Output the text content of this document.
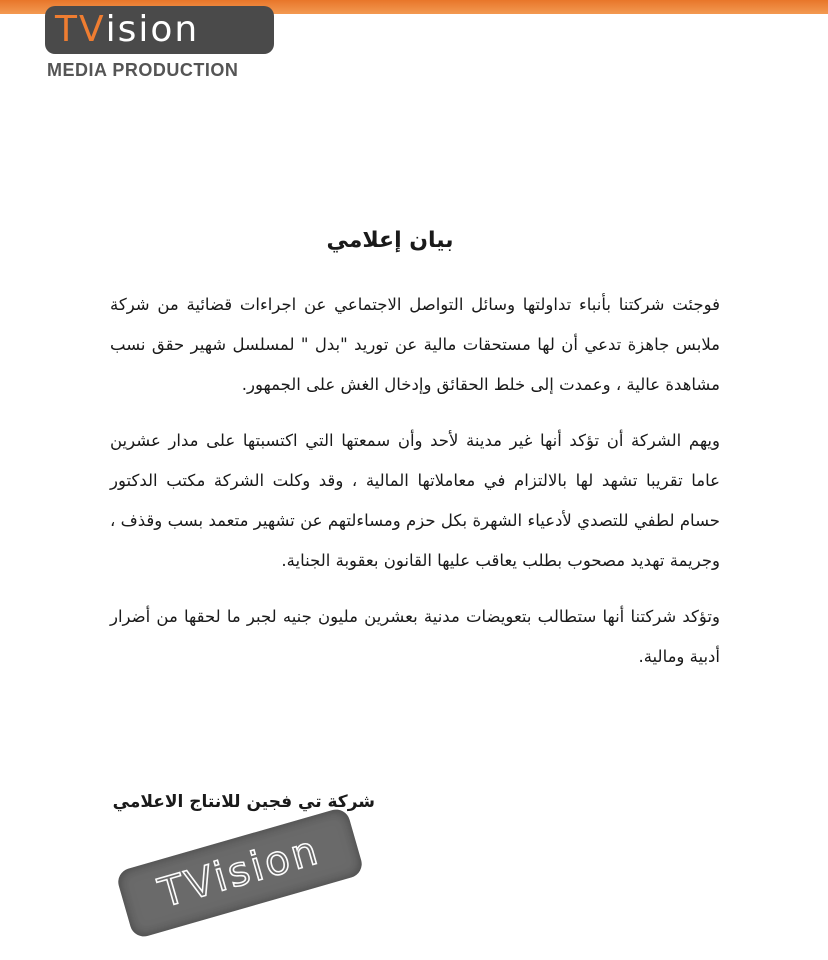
TV ision
MEDIA PRODUCTION
بيان إعلامي

فوجئت شركتنا بأنباء تداولتها وسائل التواصل الاجتماعي عن اجراءات قضائية من شركة ملابس جاهزة تدعي أن لها مستحقات مالية عن توريد "بدل " لمسلسل شهير حقق نسب مشاهدة عالية ، وعمدت إلى خلط الحقائق وإدخال الغش على الجمهور.

ويهم الشركة أن تؤكد أنها غير مدينة لأحد وأن سمعتها التي اكتسبتها على مدار عشرين عاما تقريبا تشهد لها بالالتزام في معاملاتها المالية ، وقد وكلت الشركة مكتب الدكتور حسام لطفي للتصدي لأدعياء الشهرة بكل حزم ومساءلتهم عن تشهير متعمد بسب وقذف ، وجريمة تهديد مصحوب بطلب يعاقب عليها القانون بعقوبة الجناية.

وتؤكد شركتنا أنها ستطالب بتعويضات مدنية بعشرين مليون جنيه لجبر ما لحقها من أضرار أدبية ومالية.

شركة تي فجين للانتاج الاعلامي
TVision
